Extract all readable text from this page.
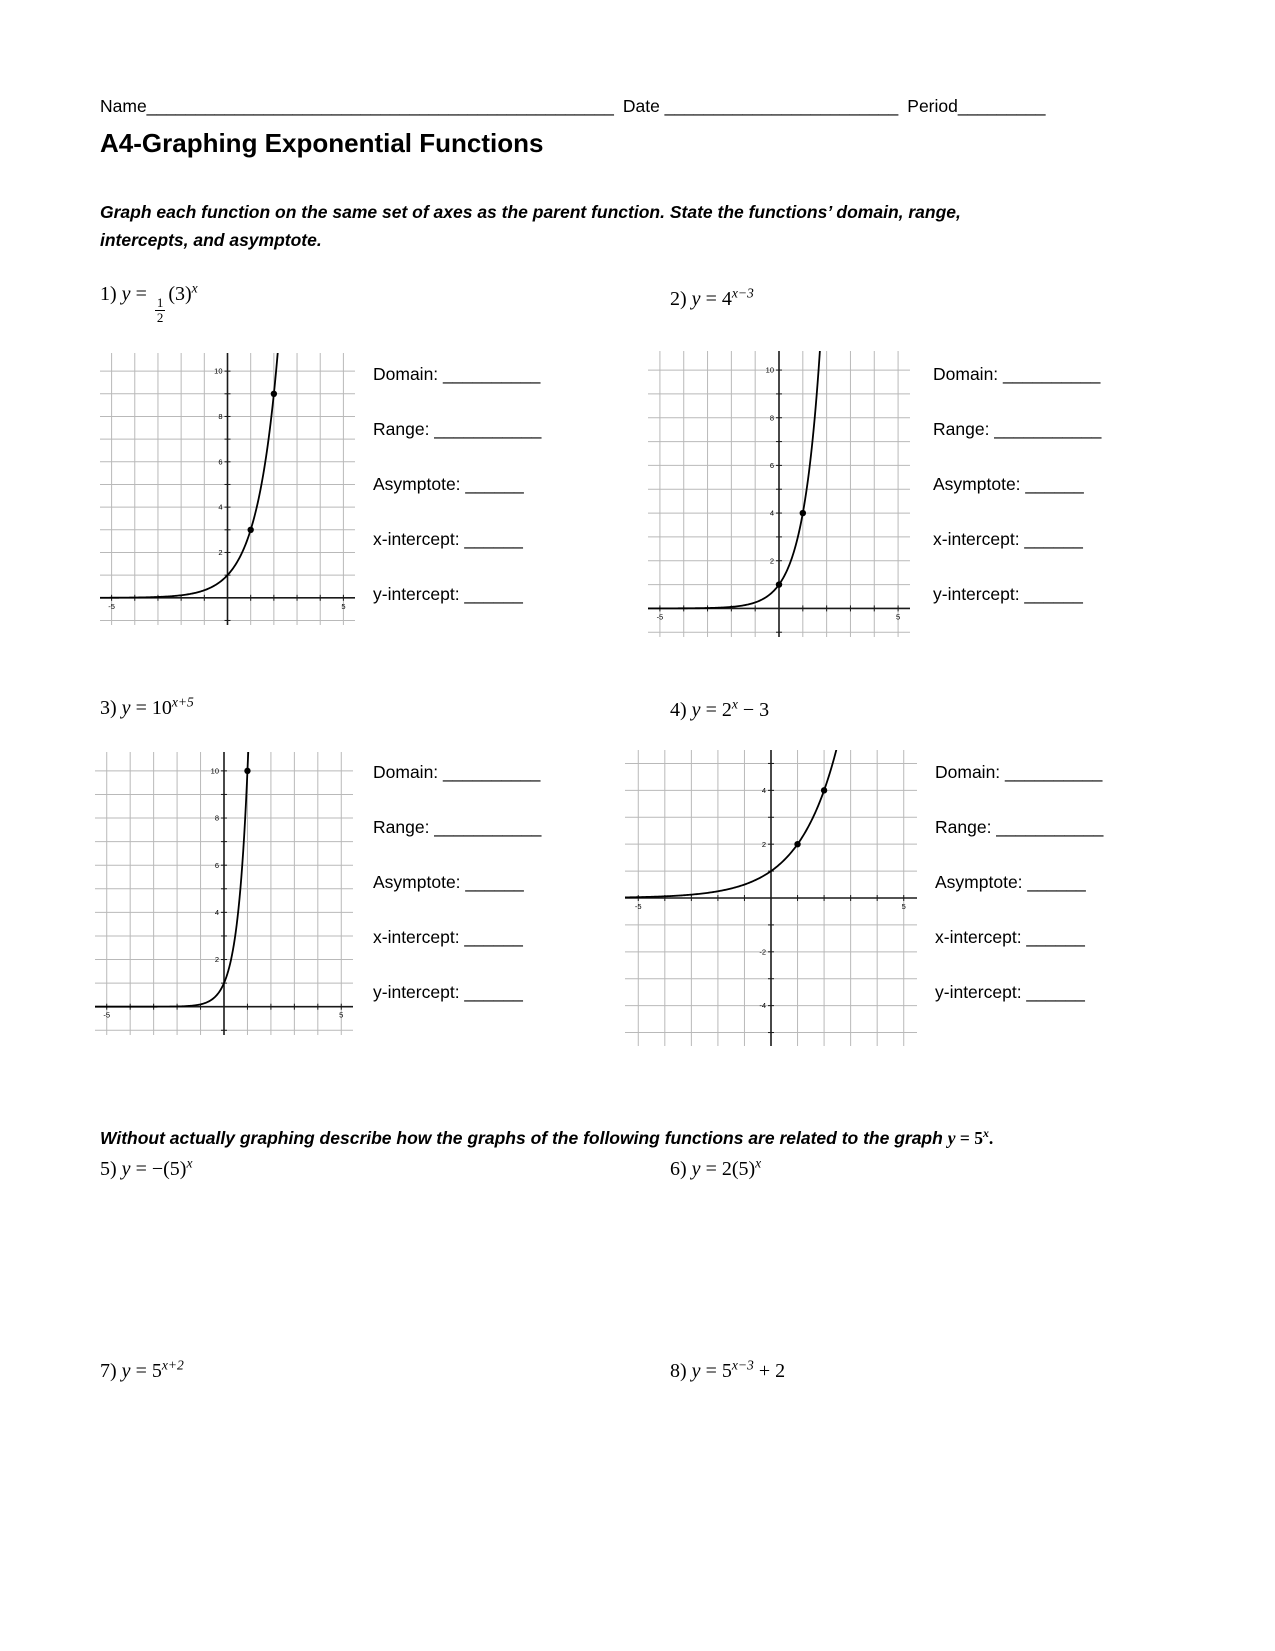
Name________________________________________________ Date ________________________ Period_________
A4-Graphing Exponential Functions

Graph each function on the same set of axes as the parent function. State the functions’ domain, range, intercepts, and asymptote.

1) y =
$\frac{1}{2}$
$(3)^x$
2) $y = 4^{x-3}$
-5	5
2
4
6
8
10	Domain: __________
Range: ___________
Asymptote: ______
x-intercept: ______
y-intercept: ______
-5	5
2
4
6
8
10	Domain: __________
Range: ___________
Asymptote: ______
x-intercept: ______
y-intercept: ______
3) $y = 10^{x+5}$	4) $y = 2^x - 3$
-5	5
2
4
6
8
10	Domain: __________
Range: ___________
Asymptote: ______
x-intercept: ______
y-intercept: ______
-5	5
-4
-2
2
4
Domain: __________
Range: ___________
Asymptote: ______
x-intercept: ______
y-intercept: ______

Without actually graphing describe how the graphs of the following functions are related to the graph $y = 5^x$.

5) $y = -(5)^x$	6) $y = 2(5)^x$
7) $y = 5^{x+2}$	8) $y = 5^{x-3} + 2$
